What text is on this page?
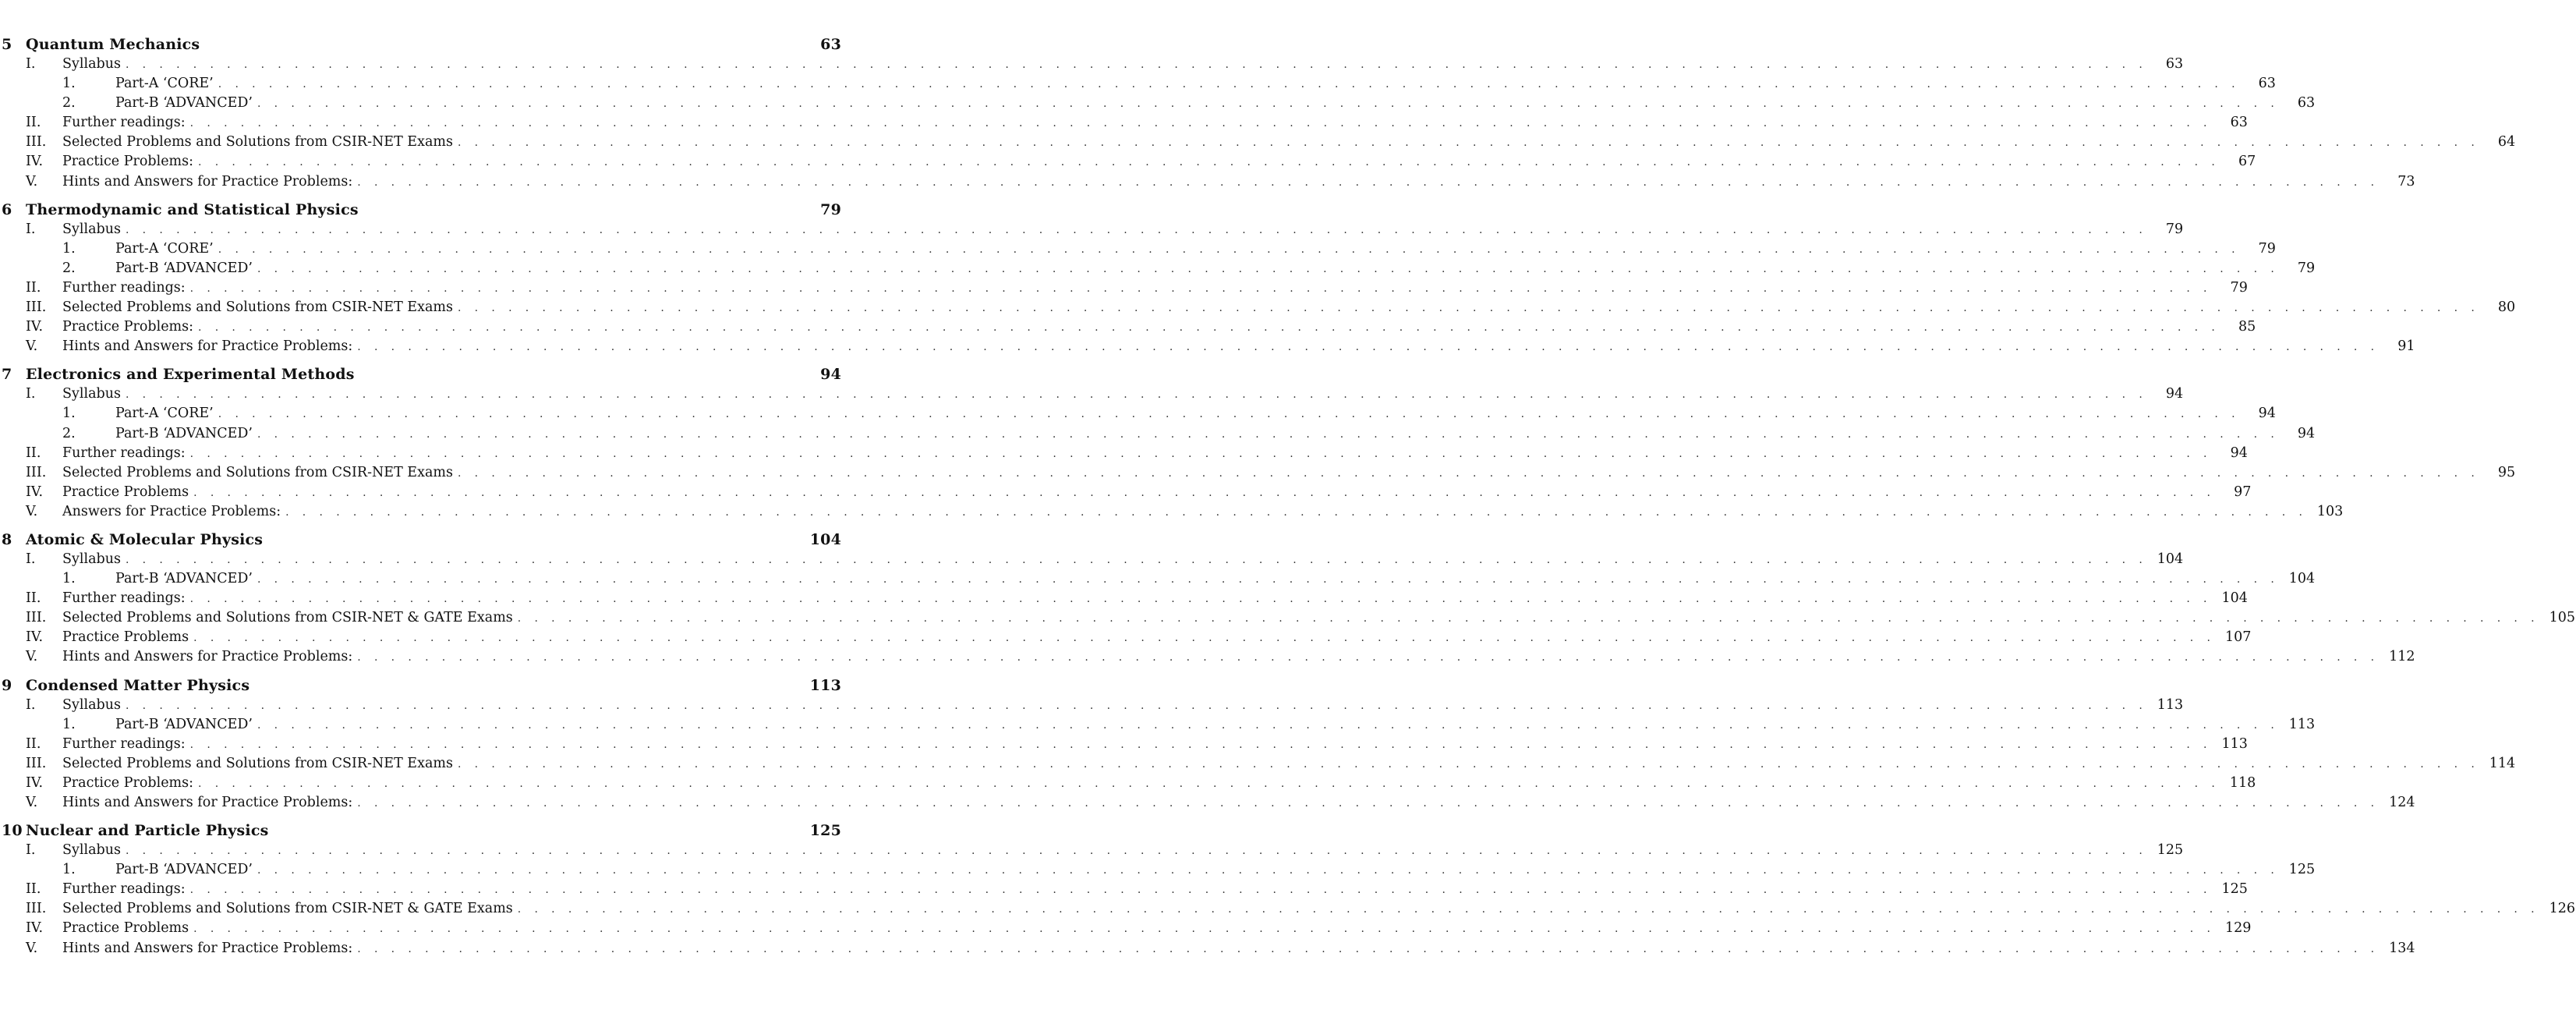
5 Quantum Mechanics	63
I.	Syllabus . . . . . . . . . . . . . . . . . . . . . . . . . . . . . . . . . . . . . . . . . . . . . . . . . . . . . . . . . . . . . . . . . . . . . . . . . . . . . . . . . . . . . . . . . . . . . . . . . . . . . . . . . . . . . . . . . . . . . . . .	63
1.	Part-A ‘CORE’ . . . . . . . . . . . . . . . . . . . . . . . . . . . . . . . . . . . . . . . . . . . . . . . . . . . . . . . . . . . . . . . . . . . . . . . . . . . . . . . . . . . . . . . . . . . . . . . . . . . . . . . . . . . . . . . . . . . . . . . .	63
2.	Part-B ‘ADVANCED’ . . . . . . . . . . . . . . . . . . . . . . . . . . . . . . . . . . . . . . . . . . . . . . . . . . . . . . . . . . . . . . . . . . . . . . . . . . . . . . . . . . . . . . . . . . . . . . . . . . . . . . . . . . . . . . . . . . . . . . . .	63
II.	Further readings: . . . . . . . . . . . . . . . . . . . . . . . . . . . . . . . . . . . . . . . . . . . . . . . . . . . . . . . . . . . . . . . . . . . . . . . . . . . . . . . . . . . . . . . . . . . . . . . . . . . . . . . . . . . . . . . . . . . . . . . .	63
III.	Selected Problems and Solutions from CSIR-NET Exams . . . . . . . . . . . . . . . . . . . . . . . . . . . . . . . . . . . . . . . . . . . . . . . . . . . . . . . . . . . . . . . . . . . . . . . . . . . . . . . . . . . . . . . . . . . . . . . . . . . . . . . . . . . . . . . . . . . . . . . .	64
IV.	Practice Problems: . . . . . . . . . . . . . . . . . . . . . . . . . . . . . . . . . . . . . . . . . . . . . . . . . . . . . . . . . . . . . . . . . . . . . . . . . . . . . . . . . . . . . . . . . . . . . . . . . . . . . . . . . . . . . . . . . . . . . . . .	67
V.	Hints and Answers for Practice Problems: . . . . . . . . . . . . . . . . . . . . . . . . . . . . . . . . . . . . . . . . . . . . . . . . . . . . . . . . . . . . . . . . . . . . . . . . . . . . . . . . . . . . . . . . . . . . . . . . . . . . . . . . . . . . . . . . . . . . . . . .	73
6 Thermodynamic and Statistical Physics	79
I.	Syllabus . . . . . . . . . . . . . . . . . . . . . . . . . . . . . . . . . . . . . . . . . . . . . . . . . . . . . . . . . . . . . . . . . . . . . . . . . . . . . . . . . . . . . . . . . . . . . . . . . . . . . . . . . . . . . . . . . . . . . . . .	79
1.	Part-A ‘CORE’ . . . . . . . . . . . . . . . . . . . . . . . . . . . . . . . . . . . . . . . . . . . . . . . . . . . . . . . . . . . . . . . . . . . . . . . . . . . . . . . . . . . . . . . . . . . . . . . . . . . . . . . . . . . . . . . . . . . . . . . .	79
2.	Part-B ‘ADVANCED’ . . . . . . . . . . . . . . . . . . . . . . . . . . . . . . . . . . . . . . . . . . . . . . . . . . . . . . . . . . . . . . . . . . . . . . . . . . . . . . . . . . . . . . . . . . . . . . . . . . . . . . . . . . . . . . . . . . . . . . . .	79
II.	Further readings: . . . . . . . . . . . . . . . . . . . . . . . . . . . . . . . . . . . . . . . . . . . . . . . . . . . . . . . . . . . . . . . . . . . . . . . . . . . . . . . . . . . . . . . . . . . . . . . . . . . . . . . . . . . . . . . . . . . . . . . .	79
III.	Selected Problems and Solutions from CSIR-NET Exams . . . . . . . . . . . . . . . . . . . . . . . . . . . . . . . . . . . . . . . . . . . . . . . . . . . . . . . . . . . . . . . . . . . . . . . . . . . . . . . . . . . . . . . . . . . . . . . . . . . . . . . . . . . . . . . . . . . . . . . .	80
IV.	Practice Problems: . . . . . . . . . . . . . . . . . . . . . . . . . . . . . . . . . . . . . . . . . . . . . . . . . . . . . . . . . . . . . . . . . . . . . . . . . . . . . . . . . . . . . . . . . . . . . . . . . . . . . . . . . . . . . . . . . . . . . . . .	85
V.	Hints and Answers for Practice Problems: . . . . . . . . . . . . . . . . . . . . . . . . . . . . . . . . . . . . . . . . . . . . . . . . . . . . . . . . . . . . . . . . . . . . . . . . . . . . . . . . . . . . . . . . . . . . . . . . . . . . . . . . . . . . . . . . . . . . . . . .	91
7 Electronics and Experimental Methods	94
I.	Syllabus . . . . . . . . . . . . . . . . . . . . . . . . . . . . . . . . . . . . . . . . . . . . . . . . . . . . . . . . . . . . . . . . . . . . . . . . . . . . . . . . . . . . . . . . . . . . . . . . . . . . . . . . . . . . . . . . . . . . . . . .	94
1.	Part-A ‘CORE’ . . . . . . . . . . . . . . . . . . . . . . . . . . . . . . . . . . . . . . . . . . . . . . . . . . . . . . . . . . . . . . . . . . . . . . . . . . . . . . . . . . . . . . . . . . . . . . . . . . . . . . . . . . . . . . . . . . . . . . . .	94
2.	Part-B ‘ADVANCED’ . . . . . . . . . . . . . . . . . . . . . . . . . . . . . . . . . . . . . . . . . . . . . . . . . . . . . . . . . . . . . . . . . . . . . . . . . . . . . . . . . . . . . . . . . . . . . . . . . . . . . . . . . . . . . . . . . . . . . . . .	94
II.	Further readings: . . . . . . . . . . . . . . . . . . . . . . . . . . . . . . . . . . . . . . . . . . . . . . . . . . . . . . . . . . . . . . . . . . . . . . . . . . . . . . . . . . . . . . . . . . . . . . . . . . . . . . . . . . . . . . . . . . . . . . . .	94
III.	Selected Problems and Solutions from CSIR-NET Exams . . . . . . . . . . . . . . . . . . . . . . . . . . . . . . . . . . . . . . . . . . . . . . . . . . . . . . . . . . . . . . . . . . . . . . . . . . . . . . . . . . . . . . . . . . . . . . . . . . . . . . . . . . . . . . . . . . . . . . . .	95
IV.	Practice Problems . . . . . . . . . . . . . . . . . . . . . . . . . . . . . . . . . . . . . . . . . . . . . . . . . . . . . . . . . . . . . . . . . . . . . . . . . . . . . . . . . . . . . . . . . . . . . . . . . . . . . . . . . . . . . . . . . . . . . . . .	97
V.	Answers for Practice Problems: . . . . . . . . . . . . . . . . . . . . . . . . . . . . . . . . . . . . . . . . . . . . . . . . . . . . . . . . . . . . . . . . . . . . . . . . . . . . . . . . . . . . . . . . . . . . . . . . . . . . . . . . . . . . . . . . . . . . . . . . 103
8 Atomic & Molecular Physics	104
I.	Syllabus . . . . . . . . . . . . . . . . . . . . . . . . . . . . . . . . . . . . . . . . . . . . . . . . . . . . . . . . . . . . . . . . . . . . . . . . . . . . . . . . . . . . . . . . . . . . . . . . . . . . . . . . . . . . . . . . . . . . . . . . 104
1.	Part-B ‘ADVANCED’ . . . . . . . . . . . . . . . . . . . . . . . . . . . . . . . . . . . . . . . . . . . . . . . . . . . . . . . . . . . . . . . . . . . . . . . . . . . . . . . . . . . . . . . . . . . . . . . . . . . . . . . . . . . . . . . . . . . . . . . . 104
II.	Further readings: . . . . . . . . . . . . . . . . . . . . . . . . . . . . . . . . . . . . . . . . . . . . . . . . . . . . . . . . . . . . . . . . . . . . . . . . . . . . . . . . . . . . . . . . . . . . . . . . . . . . . . . . . . . . . . . . . . . . . . . . 104
III.	Selected Problems and Solutions from CSIR-NET & GATE Exams . . . . . . . . . . . . . . . . . . . . . . . . . . . . . . . . . . . . . . . . . . . . . . . . . . . . . . . . . . . . . . . . . . . . . . . . . . . . . . . . . . . . . . . . . . . . . . . . . . . . . . . . . . . . . . . . . . . . . . . . 105
IV.	Practice Problems . . . . . . . . . . . . . . . . . . . . . . . . . . . . . . . . . . . . . . . . . . . . . . . . . . . . . . . . . . . . . . . . . . . . . . . . . . . . . . . . . . . . . . . . . . . . . . . . . . . . . . . . . . . . . . . . . . . . . . . . 107
V.	Hints and Answers for Practice Problems: . . . . . . . . . . . . . . . . . . . . . . . . . . . . . . . . . . . . . . . . . . . . . . . . . . . . . . . . . . . . . . . . . . . . . . . . . . . . . . . . . . . . . . . . . . . . . . . . . . . . . . . . . . . . . . . . . . . . . . . . 112
9 Condensed Matter Physics	113
I.	Syllabus . . . . . . . . . . . . . . . . . . . . . . . . . . . . . . . . . . . . . . . . . . . . . . . . . . . . . . . . . . . . . . . . . . . . . . . . . . . . . . . . . . . . . . . . . . . . . . . . . . . . . . . . . . . . . . . . . . . . . . . . 113
1.	Part-B ‘ADVANCED’ . . . . . . . . . . . . . . . . . . . . . . . . . . . . . . . . . . . . . . . . . . . . . . . . . . . . . . . . . . . . . . . . . . . . . . . . . . . . . . . . . . . . . . . . . . . . . . . . . . . . . . . . . . . . . . . . . . . . . . . . 113
II.	Further readings: . . . . . . . . . . . . . . . . . . . . . . . . . . . . . . . . . . . . . . . . . . . . . . . . . . . . . . . . . . . . . . . . . . . . . . . . . . . . . . . . . . . . . . . . . . . . . . . . . . . . . . . . . . . . . . . . . . . . . . . . 113
III.	Selected Problems and Solutions from CSIR-NET Exams . . . . . . . . . . . . . . . . . . . . . . . . . . . . . . . . . . . . . . . . . . . . . . . . . . . . . . . . . . . . . . . . . . . . . . . . . . . . . . . . . . . . . . . . . . . . . . . . . . . . . . . . . . . . . . . . . . . . . . . . 114
IV.	Practice Problems: . . . . . . . . . . . . . . . . . . . . . . . . . . . . . . . . . . . . . . . . . . . . . . . . . . . . . . . . . . . . . . . . . . . . . . . . . . . . . . . . . . . . . . . . . . . . . . . . . . . . . . . . . . . . . . . . . . . . . . . . 118
V.	Hints and Answers for Practice Problems: . . . . . . . . . . . . . . . . . . . . . . . . . . . . . . . . . . . . . . . . . . . . . . . . . . . . . . . . . . . . . . . . . . . . . . . . . . . . . . . . . . . . . . . . . . . . . . . . . . . . . . . . . . . . . . . . . . . . . . . . 124
10 Nuclear and Particle Physics	125
I.	Syllabus . . . . . . . . . . . . . . . . . . . . . . . . . . . . . . . . . . . . . . . . . . . . . . . . . . . . . . . . . . . . . . . . . . . . . . . . . . . . . . . . . . . . . . . . . . . . . . . . . . . . . . . . . . . . . . . . . . . . . . . . 125
1.	Part-B ‘ADVANCED’ . . . . . . . . . . . . . . . . . . . . . . . . . . . . . . . . . . . . . . . . . . . . . . . . . . . . . . . . . . . . . . . . . . . . . . . . . . . . . . . . . . . . . . . . . . . . . . . . . . . . . . . . . . . . . . . . . . . . . . . . 125
II.	Further readings: . . . . . . . . . . . . . . . . . . . . . . . . . . . . . . . . . . . . . . . . . . . . . . . . . . . . . . . . . . . . . . . . . . . . . . . . . . . . . . . . . . . . . . . . . . . . . . . . . . . . . . . . . . . . . . . . . . . . . . . . 125
III.	Selected Problems and Solutions from CSIR-NET & GATE Exams . . . . . . . . . . . . . . . . . . . . . . . . . . . . . . . . . . . . . . . . . . . . . . . . . . . . . . . . . . . . . . . . . . . . . . . . . . . . . . . . . . . . . . . . . . . . . . . . . . . . . . . . . . . . . . . . . . . . . . . . 126
IV.	Practice Problems . . . . . . . . . . . . . . . . . . . . . . . . . . . . . . . . . . . . . . . . . . . . . . . . . . . . . . . . . . . . . . . . . . . . . . . . . . . . . . . . . . . . . . . . . . . . . . . . . . . . . . . . . . . . . . . . . . . . . . . . 129
V.	Hints and Answers for Practice Problems: . . . . . . . . . . . . . . . . . . . . . . . . . . . . . . . . . . . . . . . . . . . . . . . . . . . . . . . . . . . . . . . . . . . . . . . . . . . . . . . . . . . . . . . . . . . . . . . . . . . . . . . . . . . . . . . . . . . . . . . . 134
